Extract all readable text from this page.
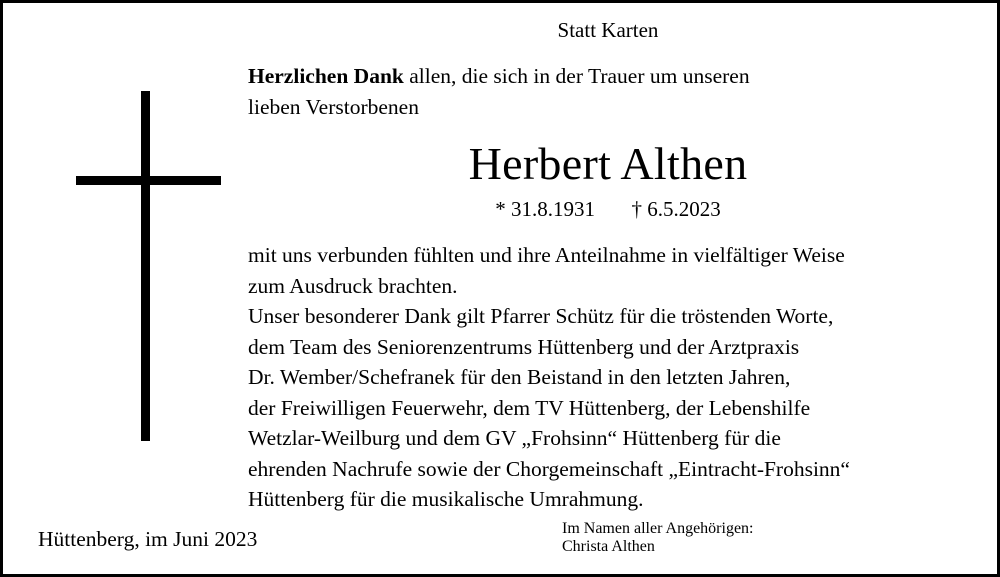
Statt Karten
Herzlichen Dank allen, die sich in der Trauer um unseren
lieben Verstorbenen
Herbert Althen
* 31.8.1931 † 6.5.2023
mit uns verbunden fühlten und ihre Anteilnahme in vielfältiger Weise
zum Ausdruck brachten.
Unser besonderer Dank gilt Pfarrer Schütz für die tröstenden Worte,
dem Team des Seniorenzentrums Hüttenberg und der Arztpraxis
Dr. Wember/Schefranek für den Beistand in den letzten Jahren,
der Freiwilligen Feuerwehr, dem TV Hüttenberg, der Lebenshilfe
Wetzlar-Weilburg und dem GV „Frohsinn“ Hüttenberg für die
ehrenden Nachrufe sowie der Chorgemeinschaft „Eintracht-Frohsinn“
Hüttenberg für die musikalische Umrahmung.
Im Namen aller Angehörigen:
Christa Althen
Hüttenberg, im Juni 2023
